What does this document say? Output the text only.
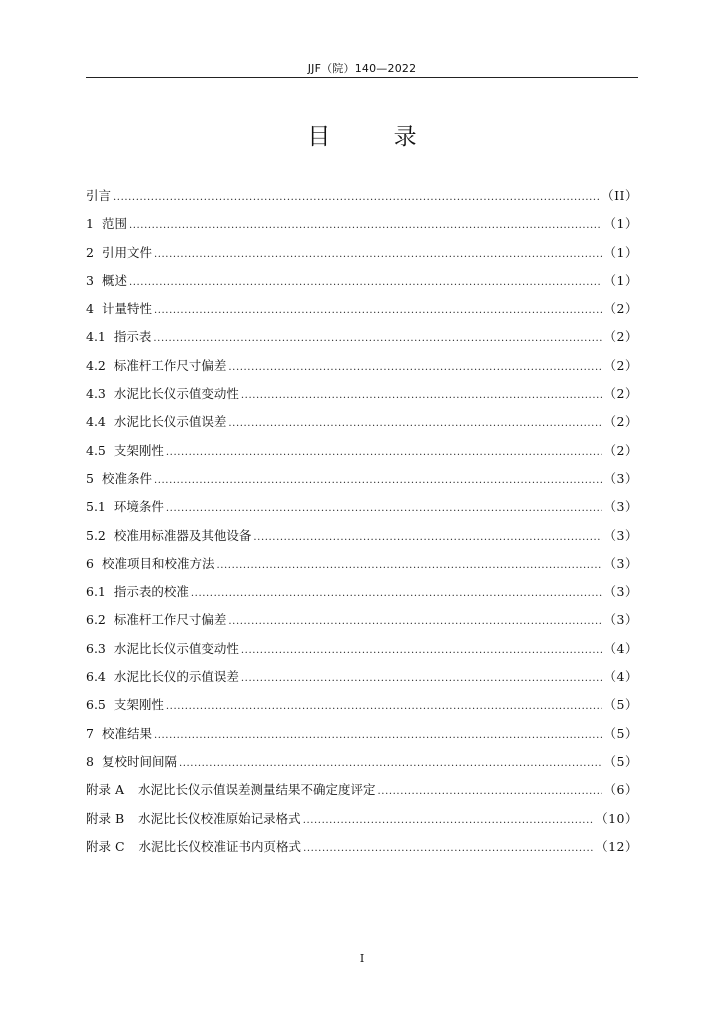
JJF（院）140—2022
目 录
引言 .....	（II）
1 范围 .....	（1）
2 引用文件 .....	（1）
3 概述 .....	（1）
4 计量特性 .....	（2）
4.1 指示表 .....	（2）
4.2 标准杆工作尺寸偏差 .....	（2）
4.3 水泥比长仪示值变动性 .....	（2）
4.4 水泥比长仪示值误差 .....	（2）
4.5 支架刚性 .....	（2）
5 校准条件 .....	（3）
5.1 环境条件 .....	（3）
5.2 校准用标准器及其他设备 .....	（3）
6 校准项目和校准方法 .....	（3）
6.1 指示表的校准 .....	（3）
6.2 标准杆工作尺寸偏差 .....	（3）
6.3 水泥比长仪示值变动性 .....	（4）
6.4 水泥比长仪的示值误差 .....	（4）
6.5 支架刚性 .....	（5）
7 校准结果 .....	（5）
8 复校时间间隔 .....	（5）
附录 A 水泥比长仪示值误差测量结果不确定度评定 .....	（6）
附录 B 水泥比长仪校准原始记录格式 .....	（10）
附录 C 水泥比长仪校准证书内页格式 .....	（12）
I
